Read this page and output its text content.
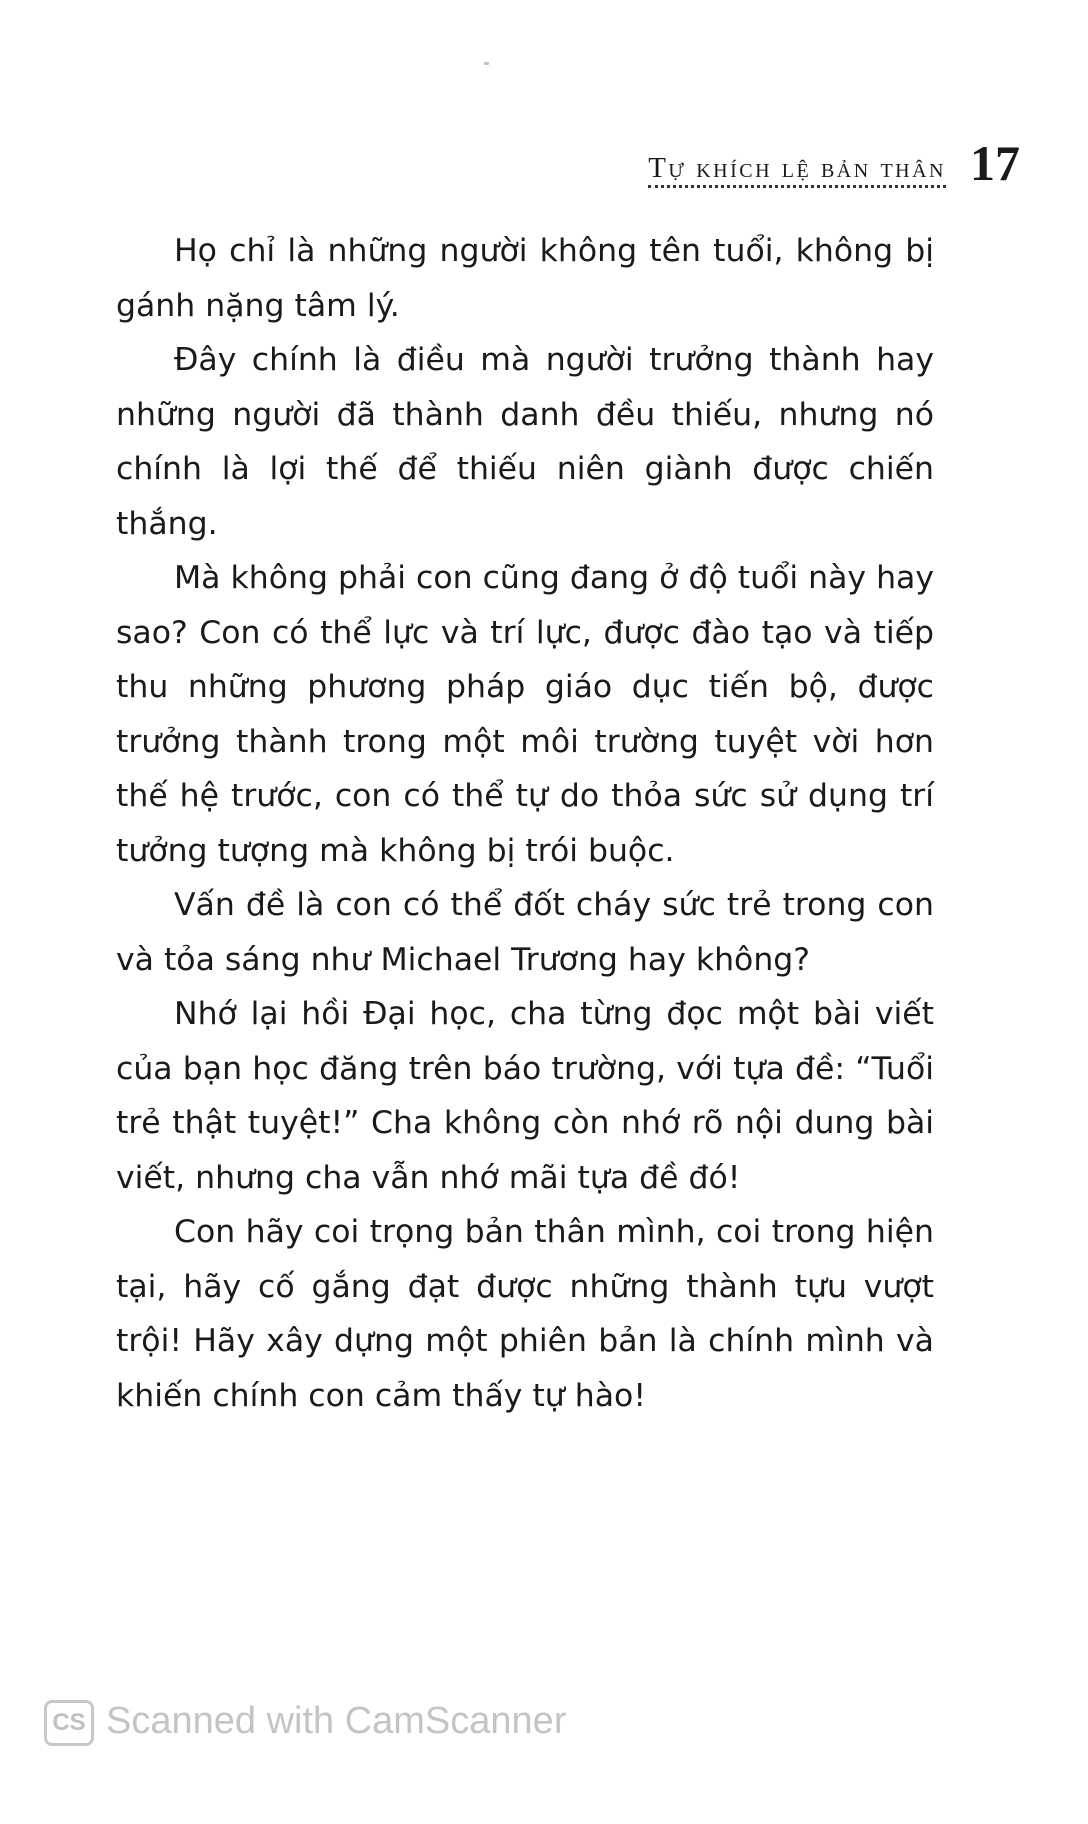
Tự khích lệ bản thân 17

Họ chỉ là những người không tên tuổi, không bị gánh nặng tâm lý.

Đây chính là điều mà người trưởng thành hay những người đã thành danh đều thiếu, nhưng nó chính là lợi thế để thiếu niên giành được chiến thắng.

Mà không phải con cũng đang ở độ tuổi này hay sao? Con có thể lực và trí lực, được đào tạo và tiếp thu những phương pháp giáo dục tiến bộ, được trưởng thành trong một môi trường tuyệt vời hơn thế hệ trước, con có thể tự do thỏa sức sử dụng trí tưởng tượng mà không bị trói buộc.

Vấn đề là con có thể đốt cháy sức trẻ trong con và tỏa sáng như Michael Trương hay không?

Nhớ lại hồi Đại học, cha từng đọc một bài viết của bạn học đăng trên báo trường, với tựa đề: “Tuổi trẻ thật tuyệt!” Cha không còn nhớ rõ nội dung bài viết, nhưng cha vẫn nhớ mãi tựa đề đó!

Con hãy coi trọng bản thân mình, coi trong hiện tại, hãy cố gắng đạt được những thành tựu vượt trội! Hãy xây dựng một phiên bản là chính mình và khiến chính con cảm thấy tự hào!

CS Scanned with CamScanner
